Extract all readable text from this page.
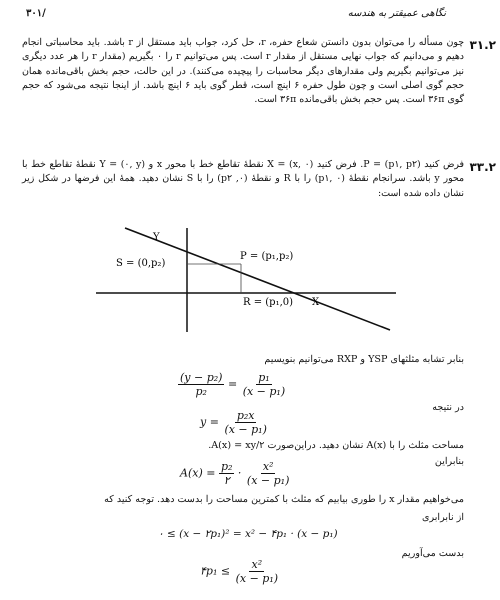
۳۰۱/	نگاهی عمیقتر به هندسه
۳۱.۲
چون مسأله را می‌توان بدون دانستن شعاع حفره، r، حل کرد، جواب باید مستقل از r باشد. باید محاسباتی انجام دهیم و می‌دانیم که جواب نهایی مستقل از مقدار r است. پس می‌توانیم r را ۰ بگیریم (مقدار r را هر عدد دیگری نیز می‌توانیم بگیریم ولی مقدارهای دیگر محاسبات را پیچیده می‌کنند). در این حالت، حجم بخش باقی‌مانده همان حجم گوی اصلی است و چون طول حفره ۶ اینچ است، قطر گوی باید ۶ اینچ باشد. از اینجا نتیجه می‌شود که حجم گوی ۳۶π است. پس حجم بخش باقی‌مانده ۳۶π است.
۳۳.۲
فرض کنید P = (p۱, p۲). فرض کنید X = (x, ۰) نقطهٔ تقاطع خط با محور x و Y = (۰, y) نقطهٔ تقاطع خط با محور y باشد. سرانجام نقطهٔ (p۱, ۰) را با R و نقطهٔ (۰, p۲) را با S نشان دهید. همهٔ این فرضها در شکل زیر نشان داده شده است:
Y
S = (0,p₂)
P = (p₁,p₂)
R = (p₁,0) X
بنابر تشابه مثلثهای YSP و RXP می‌توانیم بنویسیم
$\frac{\text{(y − p₂)}}{\text{p₂}} = \frac{\text{p₁}}{\text{(x − p₁)}}$
در نتیجه
$y = \frac{\text{p₂x}}{\text{(x − p₁)}}$
مساحت مثلث را با A(x) نشان دهید. دراین‌صورت A(x) = xy/۲.
بنابراین
$A(x) = \frac{\text{p₂}}{۲} \cdot \frac{\text{x²}}{\text{(x − p₁)}}$
می‌خواهیم مقدار x را طوری بیابیم که مثلث با کمترین مساحت را بدست دهد. توجه کنید که
از نابرابری
۰ ≤ (x − ۲p₁)² = x² − ۴p₁ · (x − p₁)
بدست می‌آوریم
۴p₁ ≤ $\frac{\text{x²}}{\text{(x − p₁)}}$
